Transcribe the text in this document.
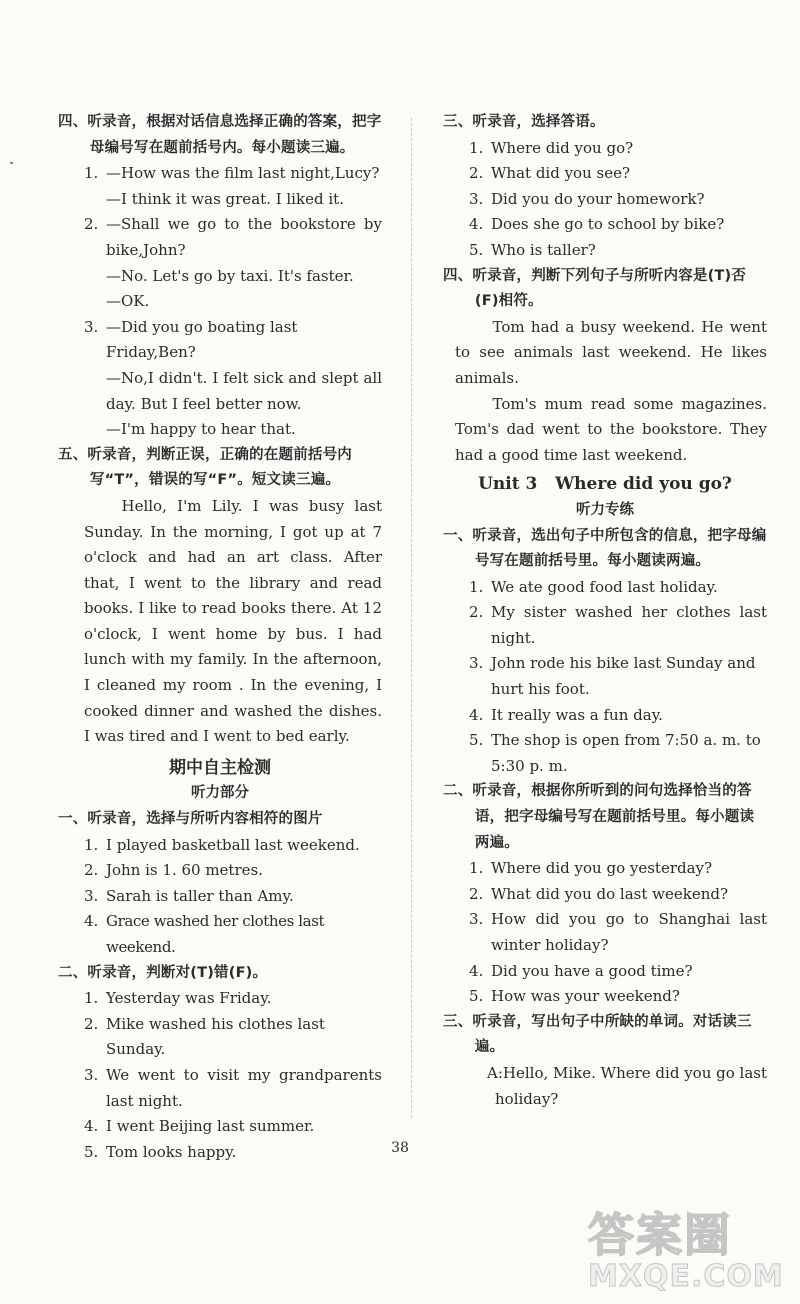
四、听录音，根据对话信息选择正确的答案，把字母编号写在题前括号内。每小题读三遍。
1. —How was the film last night,Lucy?
—I think it was great. I liked it.
2. —Shall we go to the bookstore by bike,John?
—No. Let's go by taxi. It's faster.
—OK.
3. —Did you go boating last Friday,Ben?
—No,I didn't. I felt sick and slept all day. But I feel better now.
—I'm happy to hear that.
五、听录音，判断正误，正确的在题前括号内写“T”，错误的写“F”。短文读三遍。
Hello, I'm Lily. I was busy last Sunday. In the morning, I got up at 7 o'clock and had an art class. After that, I went to the library and read books. I like to read books there. At 12 o'clock, I went home by bus. I had lunch with my family. In the afternoon, I cleaned my room . In the evening, I cooked dinner and washed the dishes. I was tired and I went to bed early.
期中自主检测
听力部分
一、听录音，选择与所听内容相符的图片
1. I played basketball last weekend.
2. John is 1. 60 metres.
3. Sarah is taller than Amy.
4. Grace washed her clothes last weekend.
二、听录音，判断对(T)错(F)。
1. Yesterday was Friday.
2. Mike washed his clothes last Sunday.
3. We went to visit my grandparents last night.
4. I went Beijing last summer.
5. Tom looks happy.
三、听录音，选择答语。
1. Where did you go?
2. What did you see?
3. Did you do your homework?
4. Does she go to school by bike?
5. Who is taller?
四、听录音，判断下列句子与所听内容是(T)否(F)相符。
Tom had a busy weekend. He went to see animals last weekend. He likes animals.
Tom's mum read some magazines. Tom's dad went to the bookstore. They had a good time last weekend.
Unit 3   Where did you go?
听力专练
一、听录音，选出句子中所包含的信息，把字母编号写在题前括号里。每小题读两遍。
1. We ate good food last holiday.
2. My sister washed her clothes last night.
3. John rode his bike last Sunday and hurt his foot.
4. It really was a fun day.
5. The shop is open from 7:50 a. m. to 5:30 p. m.
二、听录音，根据你所听到的问句选择恰当的答语，把字母编号写在题前括号里。每小题读两遍。
1. Where did you go yesterday?
2. What did you do last weekend?
3. How did you go to Shanghai last winter holiday?
4. Did you have a good time?
5. How was your weekend?
三、听录音，写出句子中所缺的单词。对话读三遍。
A:Hello, Mike. Where did you go last holiday?
38
答案圈
MXQE.COM
